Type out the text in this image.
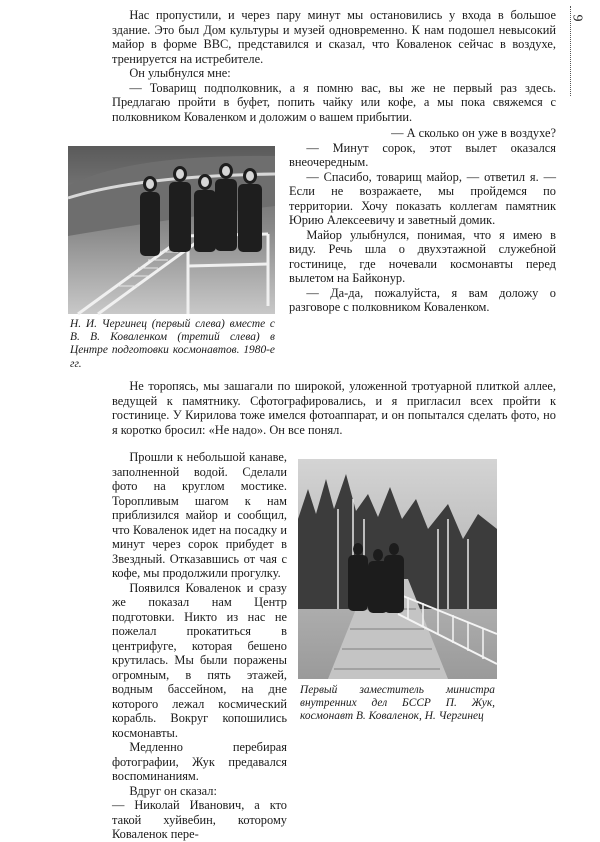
9

Нас пропустили, и через пару минут мы остановились у входа в большое здание. Это был Дом культуры и музей одновременно. К нам подошел невысокий майор в форме ВВС, представился и сказал, что Коваленок сейчас в воздухе, тренируется на истребителе.

Он улыбнулся мне:

— Товарищ подполковник, а я помню вас, вы же не первый раз здесь. Предлагаю пройти в буфет, попить чайку или кофе, а мы пока свяжемся с полковником Коваленком и доложим о вашем прибытии.

Н. И. Чергинец (первый слева) вместе с В. В. Коваленком (третий слева) в Центре подготовки космонавтов. 1980-е гг.

— А сколько он уже в воздухе?

— Минут сорок, этот вылет оказался внеочередным.

— Спасибо, товарищ майор, — ответил я. — Если не возражаете, мы пройдемся по территории. Хочу показать коллегам памятник Юрию Алексеевичу и заветный домик.

Майор улыбнулся, понимая, что я имею в виду. Речь шла о двухэтажной служебной гостинице, где ночевали космонавты перед вылетом на Байконур.

— Да-да, пожалуйста, я вам доложу о разговоре с полковником Коваленком.

Не торопясь, мы зашагали по широкой, уложенной тротуарной плиткой аллее, ведущей к памятнику. Сфотографировались, и я пригласил всех пройти к гостинице. У Кирилова тоже имелся фотоаппарат, и он попытался сделать фото, но я коротко бросил: «Не надо». Он все понял.

Прошли к небольшой канаве, заполненной водой. Сделали фото на круглом мостике. Торопливым шагом к нам приблизился майор и сообщил, что Коваленок идет на посадку и минут через сорок прибудет в Звездный. Отказавшись от чая с кофе, мы продолжили прогулку.

Появился Коваленок и сразу же показал нам Центр подготовки. Никто из нас не пожелал прокатиться в центрифуге, которая бешено крутилась. Мы были поражены огромным, в пять этажей, водным бассейном, на дне которого лежал космический корабль. Вокруг копошились космонавты.

Медленно перебирая фотографии, Жук предавался воспоминаниям.

Вдруг он сказал:

— Николай Иванович, а кто такой хуйвебин, которому Коваленок пере-

Первый заместитель министра внутренних дел БССР П. Жук, космонавт В. Коваленок, Н. Чергинец
